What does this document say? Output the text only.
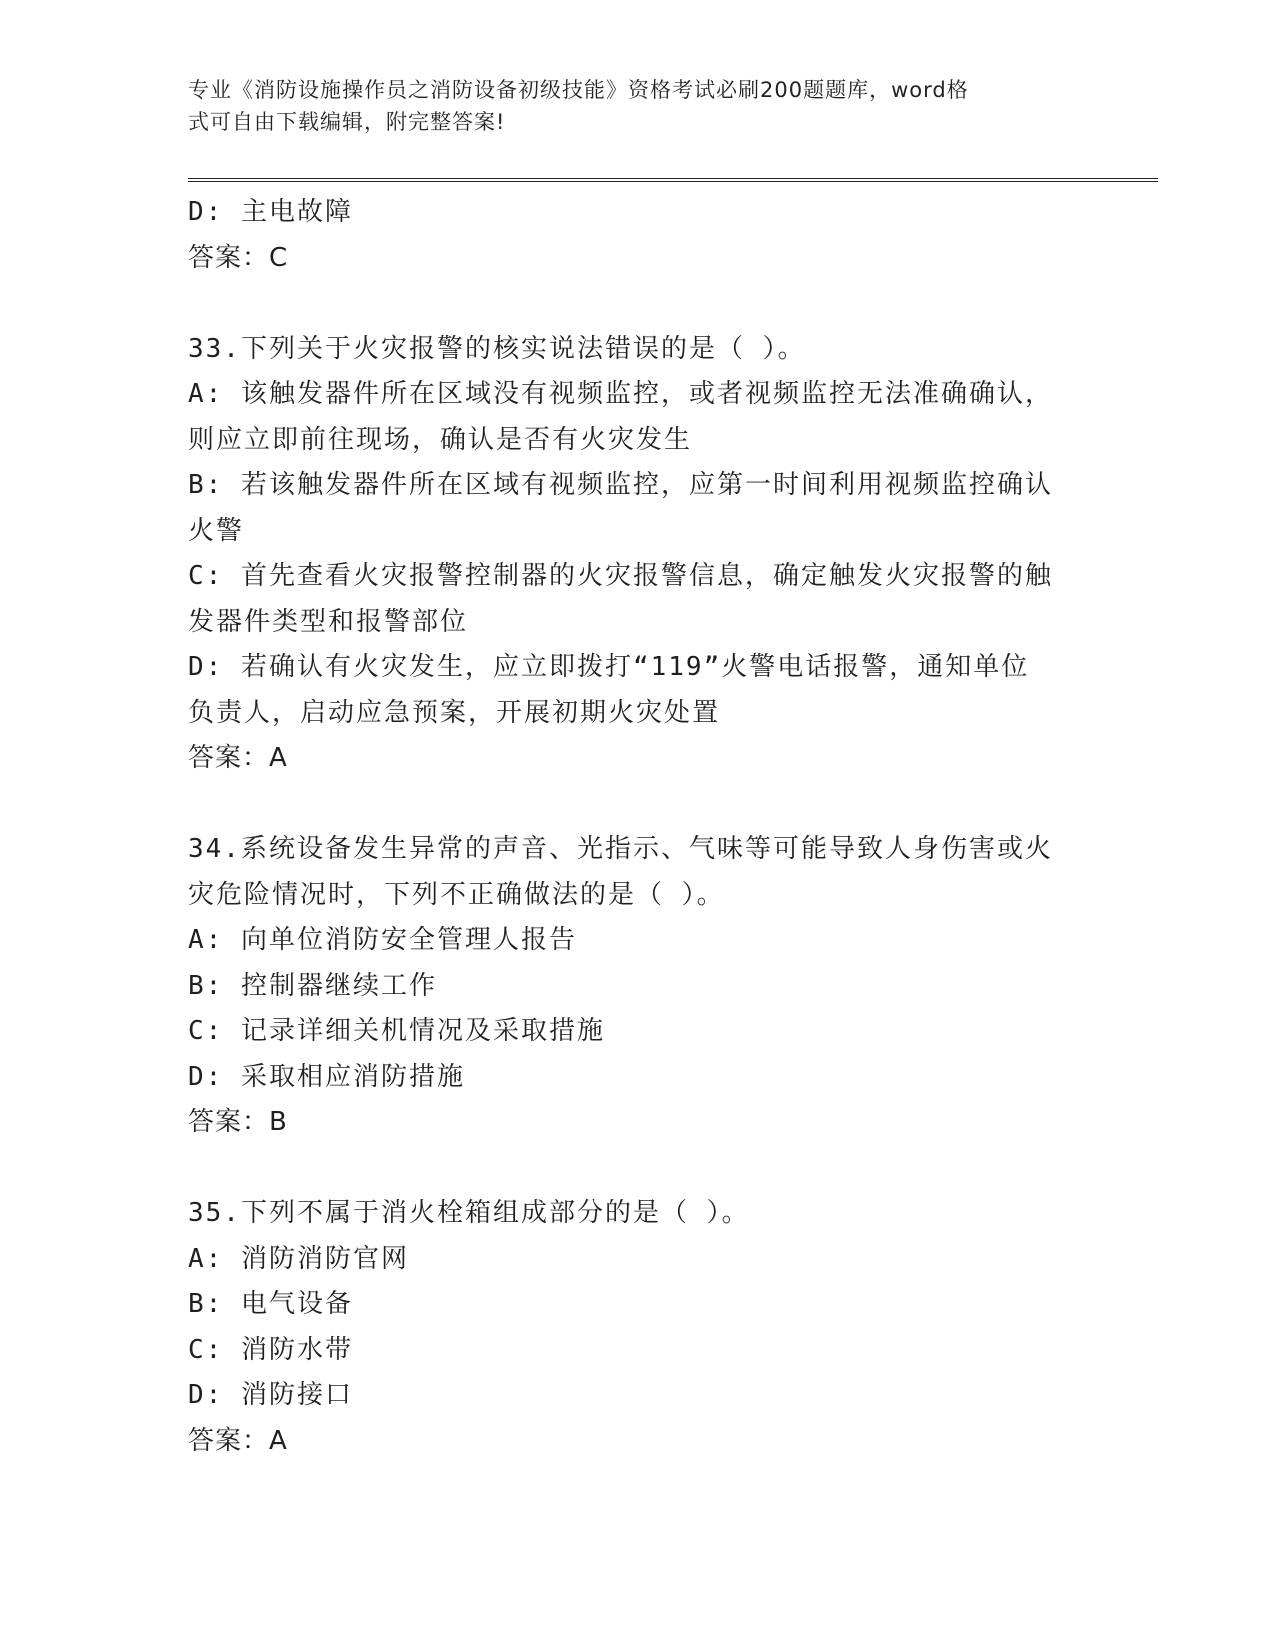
专业《消防设施操作员之消防设备初级技能》资格考试必刷200题题库，word格
式可自由下载编辑，附完整答案!
D: 主电故障
答案：C
33.下列关于火灾报警的核实说法错误的是（ ）。
A: 该触发器件所在区域没有视频监控，或者视频监控无法准确确认，
则应立即前往现场，确认是否有火灾发生
B: 若该触发器件所在区域有视频监控，应第一时间利用视频监控确认
火警
C: 首先查看火灾报警控制器的火灾报警信息，确定触发火灾报警的触
发器件类型和报警部位
D: 若确认有火灾发生，应立即拨打“119”火警电话报警，通知单位
负责人，启动应急预案，开展初期火灾处置
答案：A
34.系统设备发生异常的声音、光指示、气味等可能导致人身伤害或火
灾危险情况时，下列不正确做法的是（ ）。
A: 向单位消防安全管理人报告
B: 控制器继续工作
C: 记录详细关机情况及采取措施
D: 采取相应消防措施
答案：B
35.下列不属于消火栓箱组成部分的是（ ）。
A: 消防消防官网
B: 电气设备
C: 消防水带
D: 消防接口
答案：A
